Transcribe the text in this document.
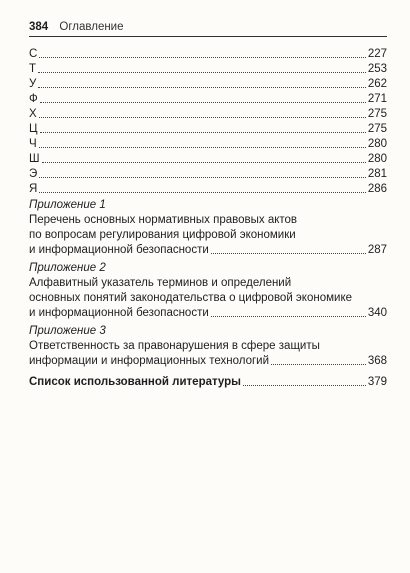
384 Оглавление
С	227
Т	253
У	262
Ф	271
Х	275
Ц	275
Ч	280
Ш	280
Э	281
Я	286
Приложение 1
Перечень основных нормативных правовых актов
по вопросам регулирования цифровой экономики
и информационной безопасности	287
Приложение 2
Алфавитный указатель терминов и определений
основных понятий законодательства о цифровой экономике
и информационной безопасности	340
Приложение 3
Ответственность за правонарушения в сфере защиты
информации и информационных технологий	368
Список использованной литературы	379
